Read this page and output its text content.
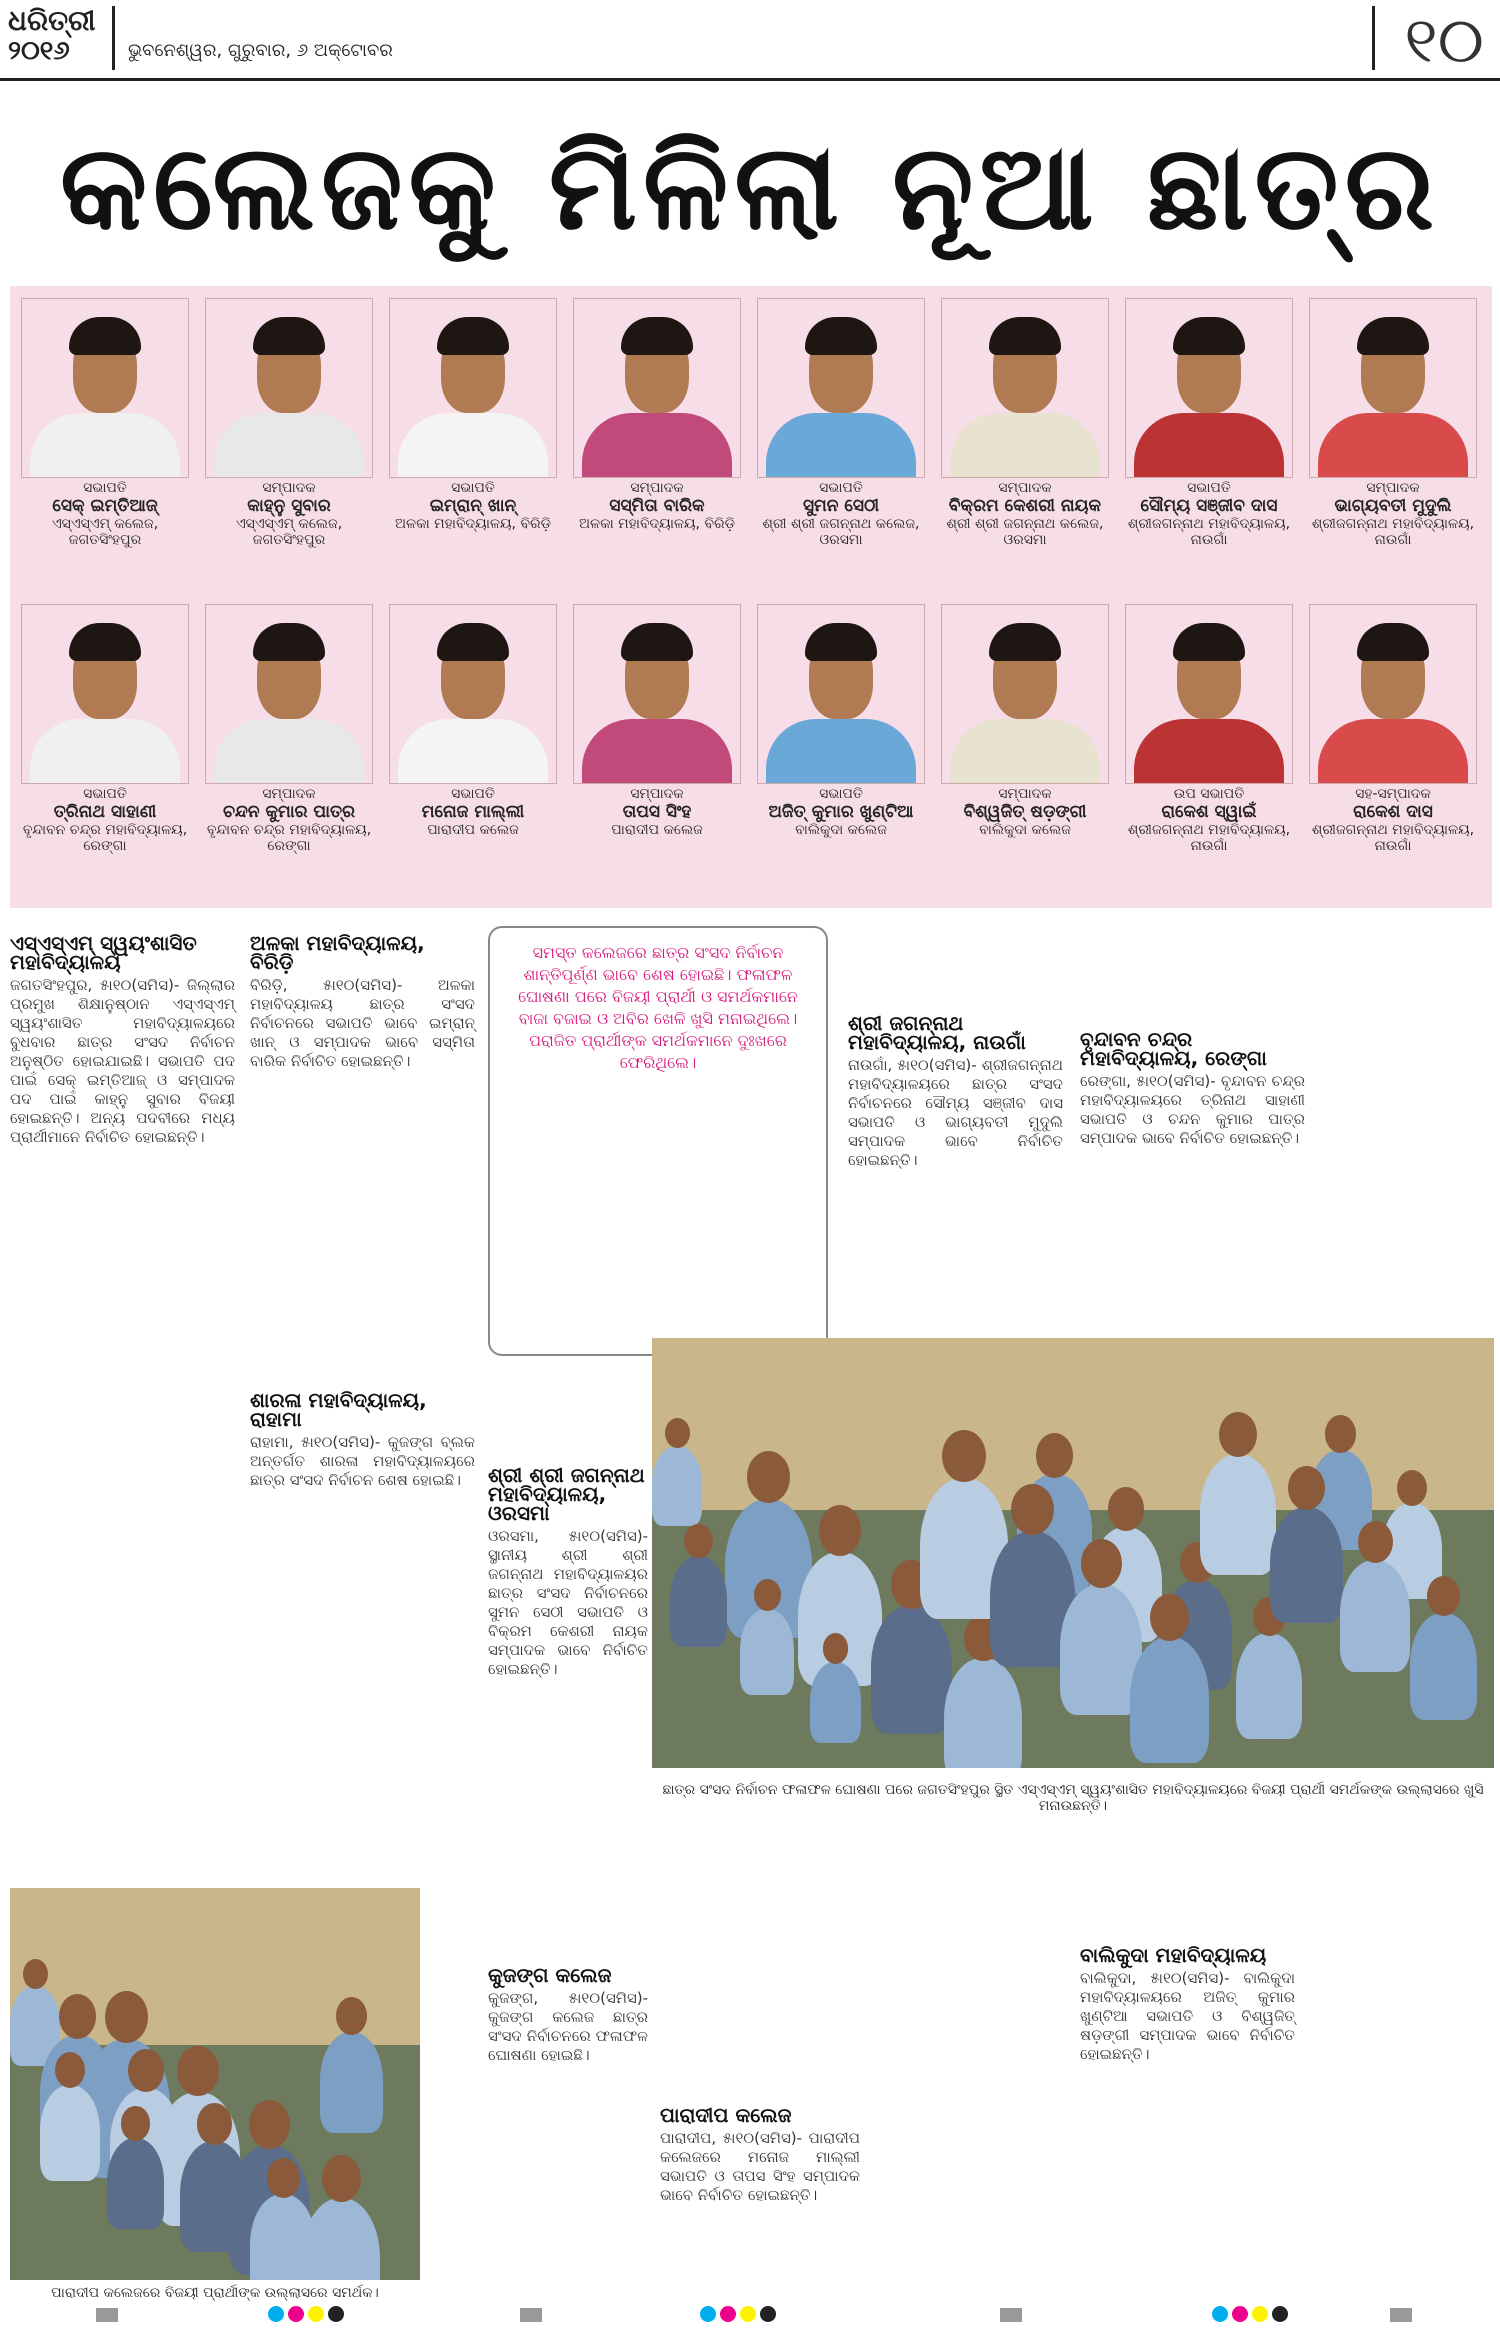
ଧରିତ୍ରୀ
୨୦୧୬	ଭୁବନେଶ୍ୱର, ଗୁରୁବାର, ୬ ଅକ୍ଟୋବର	୧୦
କଲେଜକୁ ମିଳିଲା ନୂଆ ଛାତ୍ର
ସଭାପତି
ସେକ୍ ଇମ୍ତିଆଜ୍
ଏସ୍ଏସ୍ଏମ୍ କଲେଜ, ଜଗତସିଂହପୁର
ସମ୍ପାଦକ
କାହ୍ନୁ ସୁବାର
ଏସ୍ଏସ୍ଏମ୍ କଲେଜ, ଜଗତସିଂହପୁର
ସଭାପତି
ଇମ୍ରାନ୍ ଖାନ୍
ଅଳକା ମହାବିଦ୍ୟାଳୟ, ବିରିଡ଼ି
ସମ୍ପାଦକ
ସସ୍ମିତା ବାରିକ
ଅଳକା ମହାବିଦ୍ୟାଳୟ, ବିରିଡ଼ି
ସଭାପତି
ସୁମନ ସେଠୀ
ଶ୍ରୀ ଶ୍ରୀ ଜଗନ୍ନାଥ କଲେଜ, ଓରସମା
ସମ୍ପାଦକ
ବିକ୍ରମ କେଶରୀ ନାୟକ
ଶ୍ରୀ ଶ୍ରୀ ଜଗନ୍ନାଥ କଲେଜ, ଓରସମା
ସଭାପତି
ସୌମ୍ୟ ସଞ୍ଜୀବ ଦାସ
ଶ୍ରୀଜଗନ୍ନାଥ ମହାବିଦ୍ୟାଳୟ, ନାଉଗାଁ
ସମ୍ପାଦକ
ଭାଗ୍ୟବତୀ ମୁଦୁଲି
ଶ୍ରୀଜଗନ୍ନାଥ ମହାବିଦ୍ୟାଳୟ, ନାଉଗାଁ
ସଭାପତି
ତ୍ରିନାଥ ସାହାଣୀ
ବୃନ୍ଦାବନ ଚନ୍ଦ୍ର ମହାବିଦ୍ୟାଳୟ, ରେଙ୍ଗା
ସମ୍ପାଦକ
ଚନ୍ଦନ କୁମାର ପାତ୍ର
ବୃନ୍ଦାବନ ଚନ୍ଦ୍ର ମହାବିଦ୍ୟାଳୟ, ରେଙ୍ଗା
ସଭାପତି
ମନୋଜ ମାଲ୍ଲୀ
ପାରାଦୀପ କଲେଜ
ସମ୍ପାଦକ
ତାପସ ସିଂହ
ପାରାଦୀପ କଲେଜ
ସଭାପତି
ଅଜିତ୍ କୁମାର ଖୁଣ୍ଟିଆ
ବାଲିକୁଦା କଲେଜ
ସମ୍ପାଦକ
ବିଶ୍ୱଜିତ୍ ଷଡ଼ଙ୍ଗୀ
ବାଲିକୁଦା କଲେଜ
ଉପ ସଭାପତି
ରାକେଶ ସ୍ୱାଇଁ
ଶ୍ରୀଜଗନ୍ନାଥ ମହାବିଦ୍ୟାଳୟ, ନାଉଗାଁ
ସହ-ସମ୍ପାଦକ
ରାକେଶ ଦାସ
ଶ୍ରୀଜଗନ୍ନାଥ ମହାବିଦ୍ୟାଳୟ, ନାଉଗାଁ
ଏସ୍ଏସ୍ଏମ୍ ସ୍ୱୟଂଶାସିତ ମହାବିଦ୍ୟାଳୟ

ଜଗତସିଂହପୁର, ୫ା୧୦(ସମିସ)- ଜିଲ୍ଲାର ପ୍ରମୁଖ ଶିକ୍ଷାନୁଷ୍ଠାନ ଏସ୍ଏସ୍ଏମ୍ ସ୍ୱୟଂଶାସିତ ମହାବିଦ୍ୟାଳୟରେ ବୁଧବାର ଛାତ୍ର ସଂସଦ ନିର୍ବାଚନ ଅନୁଷ୍ଠିତ ହୋଇଯାଇଛି। ସଭାପତି ପଦ ପାଇଁ ସେକ୍ ଇମ୍ତିଆଜ୍ ଓ ସମ୍ପାଦକ ପଦ ପାଇଁ କାହ୍ନୁ ସୁବାର ବିଜୟୀ ହୋଇଛନ୍ତି। ଅନ୍ୟ ପଦବୀରେ ମଧ୍ୟ ପ୍ରାର୍ଥୀମାନେ ନିର୍ବାଚିତ ହୋଇଛନ୍ତି।

ଅଳକା ମହାବିଦ୍ୟାଳୟ, ବିରିଡ଼ି

ବିରିଡ଼ି, ୫ା୧୦(ସମିସ)- ଅଳକା ମହାବିଦ୍ୟାଳୟ ଛାତ୍ର ସଂସଦ ନିର୍ବାଚନରେ ସଭାପତି ଭାବେ ଇମ୍ରାନ୍ ଖାନ୍ ଓ ସମ୍ପାଦକ ଭାବେ ସସ୍ମିତା ବାରିକ ନିର୍ବାଚିତ ହୋଇଛନ୍ତି।

ଶାରଳା ମହାବିଦ୍ୟାଳୟ, ରାହାମା

ରାହାମା, ୫ା୧୦(ସମିସ)- କୁଜଙ୍ଗ ବ୍ଲକ ଅନ୍ତର୍ଗତ ଶାରଳା ମହାବିଦ୍ୟାଳୟରେ ଛାତ୍ର ସଂସଦ ନିର୍ବାଚନ ଶେଷ ହୋଇଛି।

ସମସ୍ତ କଲେଜରେ ଛାତ୍ର ସଂସଦ ନିର୍ବାଚନ ଶାନ୍ତିପୂର୍ଣ୍ଣ ଭାବେ ଶେଷ ହୋଇଛି। ଫଳାଫଳ ଘୋଷଣା ପରେ ବିଜୟୀ ପ୍ରାର୍ଥୀ ଓ ସମର୍ଥକମାନେ ବାଜା ବଜାଇ ଓ ଅବିର ଖେଳି ଖୁସି ମନାଇଥିଲେ। ପରାଜିତ ପ୍ରାର୍ଥୀଙ୍କ ସମର୍ଥକମାନେ ଦୁଃଖରେ ଫେରିଥିଲେ।
ଶ୍ରୀ ଶ୍ରୀ ଜଗନ୍ନାଥ ମହାବିଦ୍ୟାଳୟ, ଓରସମା

ଓରସମା, ୫ା୧୦(ସମିସ)- ସ୍ଥାନୀୟ ଶ୍ରୀ ଶ୍ରୀ ଜଗନ୍ନାଥ ମହାବିଦ୍ୟାଳୟର ଛାତ୍ର ସଂସଦ ନିର୍ବାଚନରେ ସୁମନ ସେଠୀ ସଭାପତି ଓ ବିକ୍ରମ କେଶରୀ ନାୟକ ସମ୍ପାଦକ ଭାବେ ନିର୍ବାଚିତ ହୋଇଛନ୍ତି।

ଶ୍ରୀ ଜଗନ୍ନାଥ ମହାବିଦ୍ୟାଳୟ, ନାଉଗାଁ

ନାଉଗାଁ, ୫ା୧୦(ସମିସ)- ଶ୍ରୀଜଗନ୍ନାଥ ମହାବିଦ୍ୟାଳୟରେ ଛାତ୍ର ସଂସଦ ନିର୍ବାଚନରେ ସୌମ୍ୟ ସଞ୍ଜୀବ ଦାସ ସଭାପତି ଓ ଭାଗ୍ୟବତୀ ମୁଦୁଲି ସମ୍ପାଦକ ଭାବେ ନିର୍ବାଚିତ ହୋଇଛନ୍ତି।

ବୃନ୍ଦାବନ ଚନ୍ଦ୍ର ମହାବିଦ୍ୟାଳୟ, ରେଙ୍ଗା

ରେଙ୍ଗା, ୫ା୧୦(ସମିସ)- ବୃନ୍ଦାବନ ଚନ୍ଦ୍ର ମହାବିଦ୍ୟାଳୟରେ ତ୍ରିନାଥ ସାହାଣୀ ସଭାପତି ଓ ଚନ୍ଦନ କୁମାର ପାତ୍ର ସମ୍ପାଦକ ଭାବେ ନିର୍ବାଚିତ ହୋଇଛନ୍ତି।

ଛାତ୍ର ସଂସଦ ନିର୍ବାଚନ ଫଳାଫଳ ଘୋଷଣା ପରେ ଜଗତସିଂହପୁର ସ୍ଥିତ ଏସ୍ଏସ୍ଏମ୍ ସ୍ୱୟଂଶାସିତ ମହାବିଦ୍ୟାଳୟରେ ବିଜୟୀ ପ୍ରାର୍ଥୀ ସମର୍ଥକଙ୍କ ଉଲ୍ଲାସରେ ଖୁସି ମନାଉଛନ୍ତି।
କୁଜଙ୍ଗ କଲେଜ

କୁଜଙ୍ଗ, ୫ା୧୦(ସମିସ)- କୁଜଙ୍ଗ କଲେଜ ଛାତ୍ର ସଂସଦ ନିର୍ବାଚନରେ ଫଳାଫଳ ଘୋଷଣା ହୋଇଛି।

ପାରାଦୀପ କଲେଜ

ପାରାଦୀପ, ୫ା୧୦(ସମିସ)- ପାରାଦୀପ କଲେଜରେ ମନୋଜ ମାଲ୍ଲୀ ସଭାପତି ଓ ତାପସ ସିଂହ ସମ୍ପାଦକ ଭାବେ ନିର୍ବାଚିତ ହୋଇଛନ୍ତି।

ବାଲିକୁଦା ମହାବିଦ୍ୟାଳୟ

ବାଲିକୁଦା, ୫ା୧୦(ସମିସ)- ବାଲିକୁଦା ମହାବିଦ୍ୟାଳୟରେ ଅଜିତ୍ କୁମାର ଖୁଣ୍ଟିଆ ସଭାପତି ଓ ବିଶ୍ୱଜିତ୍ ଷଡ଼ଙ୍ଗୀ ସମ୍ପାଦକ ଭାବେ ନିର୍ବାଚିତ ହୋଇଛନ୍ତି।

ପାରାଦୀପ କଲେଜରେ ବିଜୟୀ ପ୍ରାର୍ଥୀଙ୍କ ଉଲ୍ଲାସରେ ସମର୍ଥକ।
